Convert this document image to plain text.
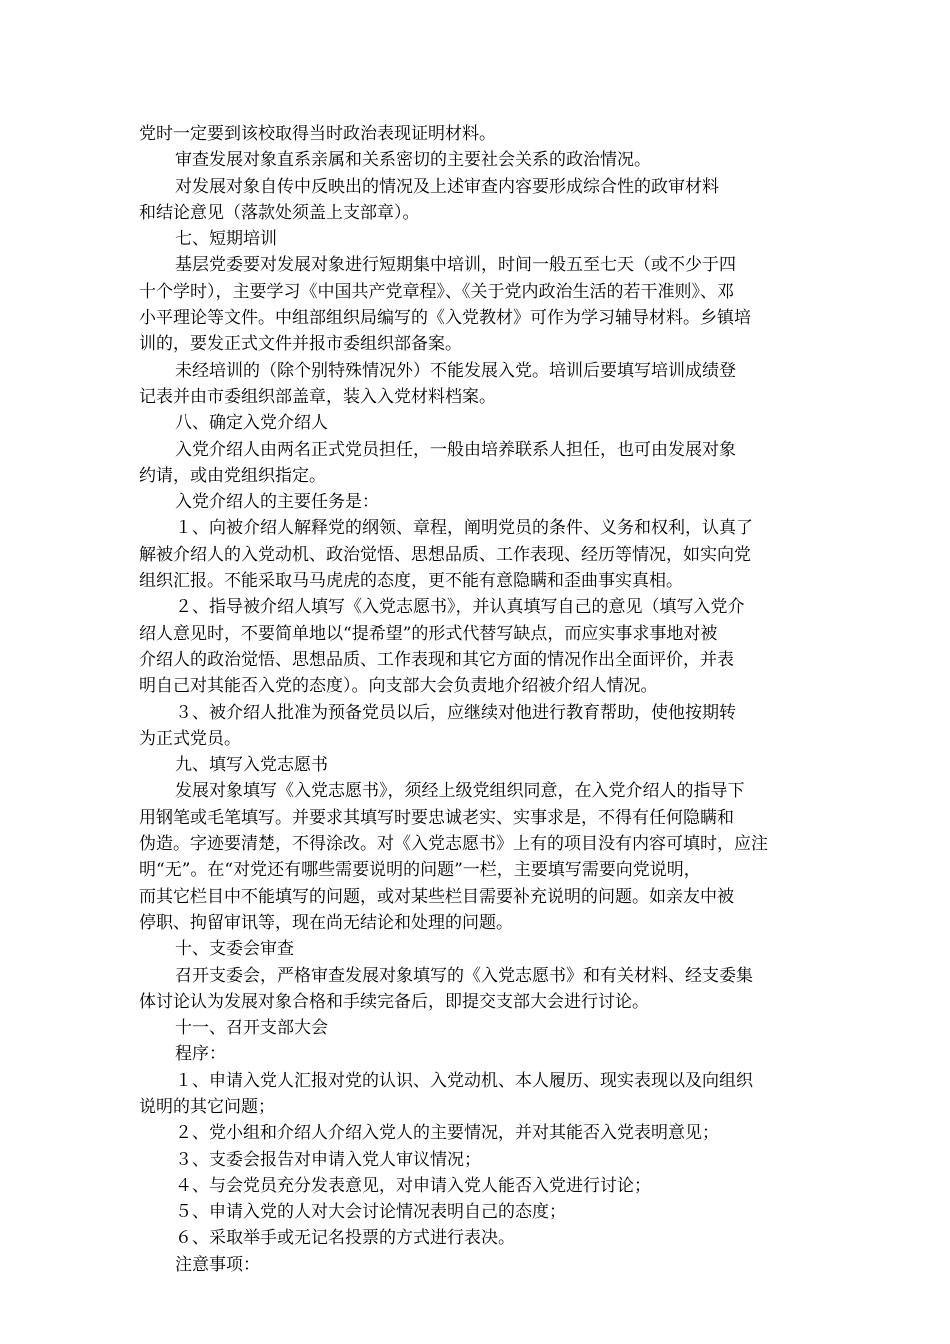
党时一定要到该校取得当时政治表现证明材料。
审查发展对象直系亲属和关系密切的主要社会关系的政治情况。
对发展对象自传中反映出的情况及上述审查内容要形成综合性的政审材料
和结论意见（落款处须盖上支部章）。
七、短期培训
基层党委要对发展对象进行短期集中培训，时间一般五至七天（或不少于四
十个学时），主要学习《中国共产党章程》、《关于党内政治生活的若干准则》、邓
小平理论等文件。中组部组织局编写的《入党教材》可作为学习辅导材料。乡镇培
训的，要发正式文件并报市委组织部备案。
未经培训的（除个别特殊情况外）不能发展入党。培训后要填写培训成绩登
记表并由市委组织部盖章，装入入党材料档案。
八、确定入党介绍人
入党介绍人由两名正式党员担任，一般由培养联系人担任，也可由发展对象
约请，或由党组织指定。
入党介绍人的主要任务是：
１、向被介绍人解释党的纲领、章程，阐明党员的条件、义务和权利，认真了
解被介绍人的入党动机、政治觉悟、思想品质、工作表现、经历等情况，如实向党
组织汇报。不能采取马马虎虎的态度，更不能有意隐瞒和歪曲事实真相。
２、指导被介绍人填写《入党志愿书》，并认真填写自己的意见（填写入党介
绍人意见时，不要简单地以“提希望”的形式代替写缺点，而应实事求事地对被
介绍人的政治觉悟、思想品质、工作表现和其它方面的情况作出全面评价，并表
明自己对其能否入党的态度）。向支部大会负责地介绍被介绍人情况。
３、被介绍人批准为预备党员以后，应继续对他进行教育帮助，使他按期转
为正式党员。
九、填写入党志愿书
发展对象填写《入党志愿书》，须经上级党组织同意，在入党介绍人的指导下
用钢笔或毛笔填写。并要求其填写时要忠诚老实、实事求是，不得有任何隐瞒和
伪造。字迹要清楚，不得涂改。对《入党志愿书》上有的项目没有内容可填时，应注
明“无”。在“对党还有哪些需要说明的问题”一栏，主要填写需要向党说明，
而其它栏目中不能填写的问题，或对某些栏目需要补充说明的问题。如亲友中被
停职、拘留审讯等，现在尚无结论和处理的问题。
十、支委会审查
召开支委会，严格审查发展对象填写的《入党志愿书》和有关材料、经支委集
体讨论认为发展对象合格和手续完备后，即提交支部大会进行讨论。
十一、召开支部大会
程序：
１、申请入党人汇报对党的认识、入党动机、本人履历、现实表现以及向组织
说明的其它问题；
２、党小组和介绍人介绍入党人的主要情况，并对其能否入党表明意见；
３、支委会报告对申请入党人审议情况；
４、与会党员充分发表意见，对申请入党人能否入党进行讨论；
５、申请入党的人对大会讨论情况表明自己的态度；
６、采取举手或无记名投票的方式进行表决。
注意事项：
